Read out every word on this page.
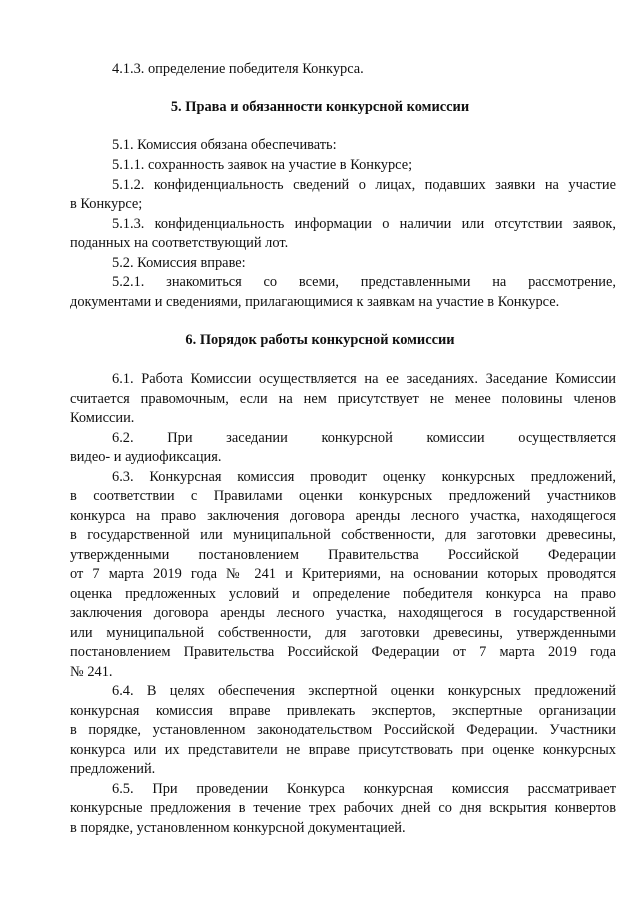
4.1.3. определение победителя Конкурса.
5. Права и обязанности конкурсной комиссии
5.1. Комиссия обязана обеспечивать:
5.1.1. сохранность заявок на участие в Конкурсе;
5.1.2. конфиденциальность сведений о лицах, подавших заявки на участие
в Конкурсе;
5.1.3. конфиденциальность информации о наличии или отсутствии заявок,
поданных на соответствующий лот.
5.2. Комиссия вправе:
5.2.1. знакомиться со всеми, представленными на рассмотрение,
документами и сведениями, прилагающимися к заявкам на участие в Конкурсе.
6. Порядок работы конкурсной комиссии
6.1. Работа Комиссии осуществляется на ее заседаниях. Заседание Комиссии
считается правомочным, если на нем присутствует не менее половины членов
Комиссии.
6.2. При заседании конкурсной комиссии осуществляется
видео- и аудиофиксация.
6.3. Конкурсная комиссия проводит оценку конкурсных предложений,
в соответствии с Правилами оценки конкурсных предложений участников
конкурса на право заключения договора аренды лесного участка, находящегося
в государственной или муниципальной собственности, для заготовки древесины,
утвержденными постановлением Правительства Российской Федерации
от 7 марта 2019 года № 241 и Критериями, на основании которых проводятся
оценка предложенных условий и определение победителя конкурса на право
заключения договора аренды лесного участка, находящегося в государственной
или муниципальной собственности, для заготовки древесины, утвержденными
постановлением Правительства Российской Федерации от 7 марта 2019 года
№ 241.
6.4. В целях обеспечения экспертной оценки конкурсных предложений
конкурсная комиссия вправе привлекать экспертов, экспертные организации
в порядке, установленном законодательством Российской Федерации. Участники
конкурса или их представители не вправе присутствовать при оценке конкурсных
предложений.
6.5. При проведении Конкурса конкурсная комиссия рассматривает
конкурсные предложения в течение трех рабочих дней со дня вскрытия конвертов
в порядке, установленном конкурсной документацией.
